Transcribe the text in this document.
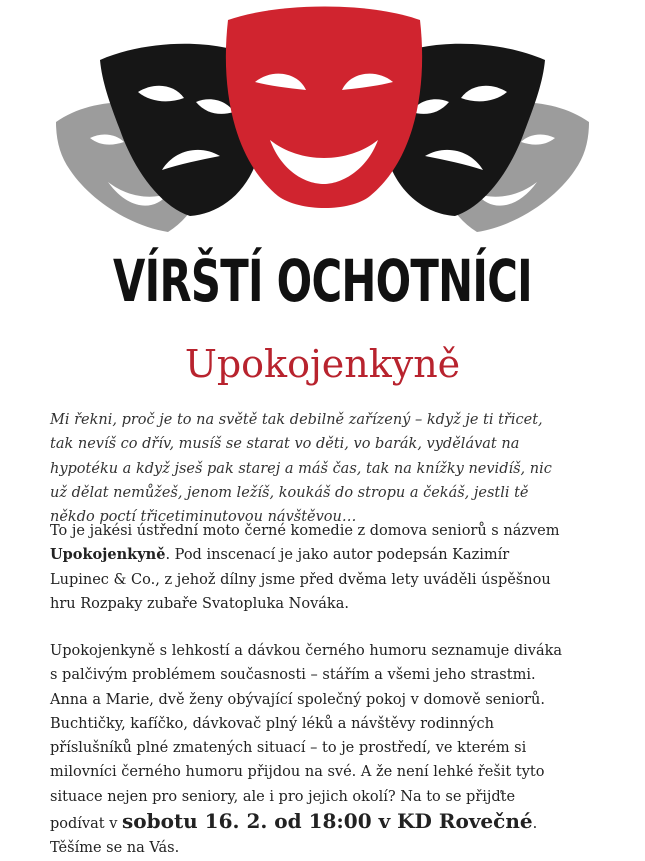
VÍRŠTÍ OCHOTNÍCI
Upokojenkyně
Mi řekni, proč je to na světě tak debilně zařízený – když je ti třicet, tak nevíš co dřív, musíš se starat vo děti, vo barák, vydělávat na hypotéku a když jseš pak starej a máš čas, tak na knížky nevidíš, nic už dělat nemůžeš, jenom ležíš, koukáš do stropu a čekáš, jestli tě někdo poctí třicetiminutovou návštěvou…
To je jakési ústřední moto černé komedie z domova seniorů s názvem Upokojenkyně. Pod inscenací je jako autor podepsán Kazimír Lupinec & Co., z jehož dílny jsme před dvěma lety uváděli úspěšnou hru Rozpaky zubaře Svatopluka Nováka.
Upokojenkyně s lehkostí a dávkou černého humoru seznamuje diváka s palčivým problémem současnosti – stářím a všemi jeho strastmi. Anna a Marie, dvě ženy obývající společný pokoj v domově seniorů. Buchtičky, kafíčko, dávkovač plný léků a návštěvy rodinných příslušníků plné zmatených situací – to je prostředí, ve kterém si milovníci černého humoru přijdou na své. A že není lehké řešit tyto situace nejen pro seniory, ale i pro jejich okolí? Na to se přijďte podívat v sobotu 16. 2. od 18:00 v KD Rovečné.
Těšíme se na Vás.
